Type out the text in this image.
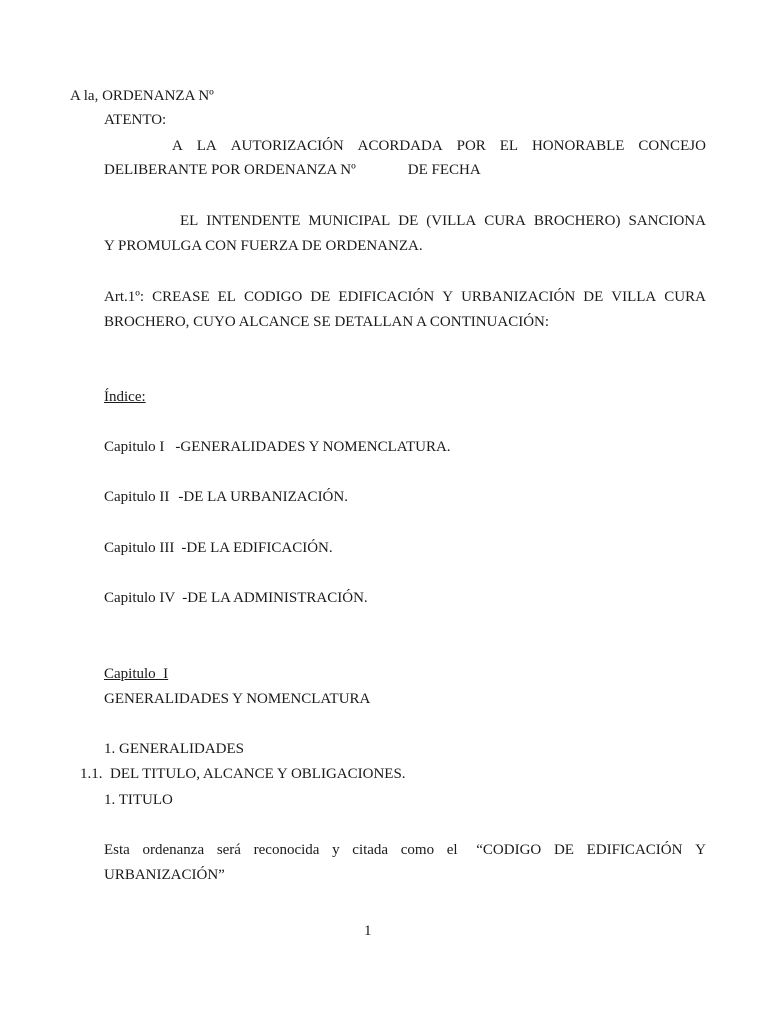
A la, ORDENANZA Nº

ATENTO:

A LA AUTORIZACIÓN ACORDADA POR EL HONORABLE CONCEJO

DELIBERANTE POR ORDENANZA Nº	DE FECHA

EL INTENDENTE MUNICIPAL DE (VILLA CURA BROCHERO) SANCIONA

Y PROMULGA CON FUERZA DE ORDENANZA.

Art.1º: CREASE EL CODIGO DE EDIFICACIÓN Y URBANIZACIÓN DE VILLA CURA

BROCHERO, CUYO ALCANCE SE DETALLAN A CONTINUACIÓN:

Índice:

Capitulo I -GENERALIDADES Y NOMENCLATURA.

Capitulo II -DE LA URBANIZACIÓN.

Capitulo III -DE LA EDIFICACIÓN.

Capitulo IV -DE LA ADMINISTRACIÓN.

Capitulo  I

GENERALIDADES Y NOMENCLATURA

1. GENERALIDADES

1.1.  DEL TITULO, ALCANCE Y OBLIGACIONES.

1. TITULO

Esta ordenanza será reconocida y citada como el “CODIGO DE EDIFICACIÓN Y

URBANIZACIÓN”

1
